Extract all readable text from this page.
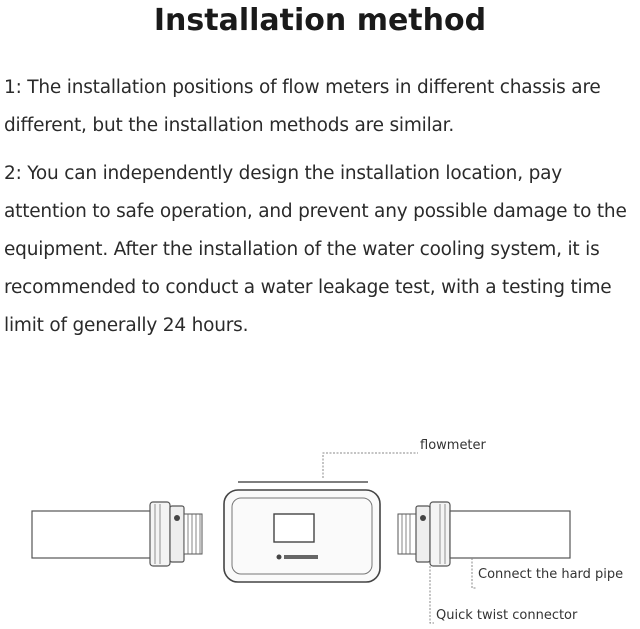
Installation method
1: The installation positions of flow meters in different chassis are different, but the installation methods are similar.
2: You can independently design the installation location, pay attention to safe operation, and prevent any possible damage to the equipment. After the installation of the water cooling system, it is recommended to conduct a water leakage test, with a testing time limit of generally 24 hours.
flowmeter
Connect the hard pipe
Quick twist connector
